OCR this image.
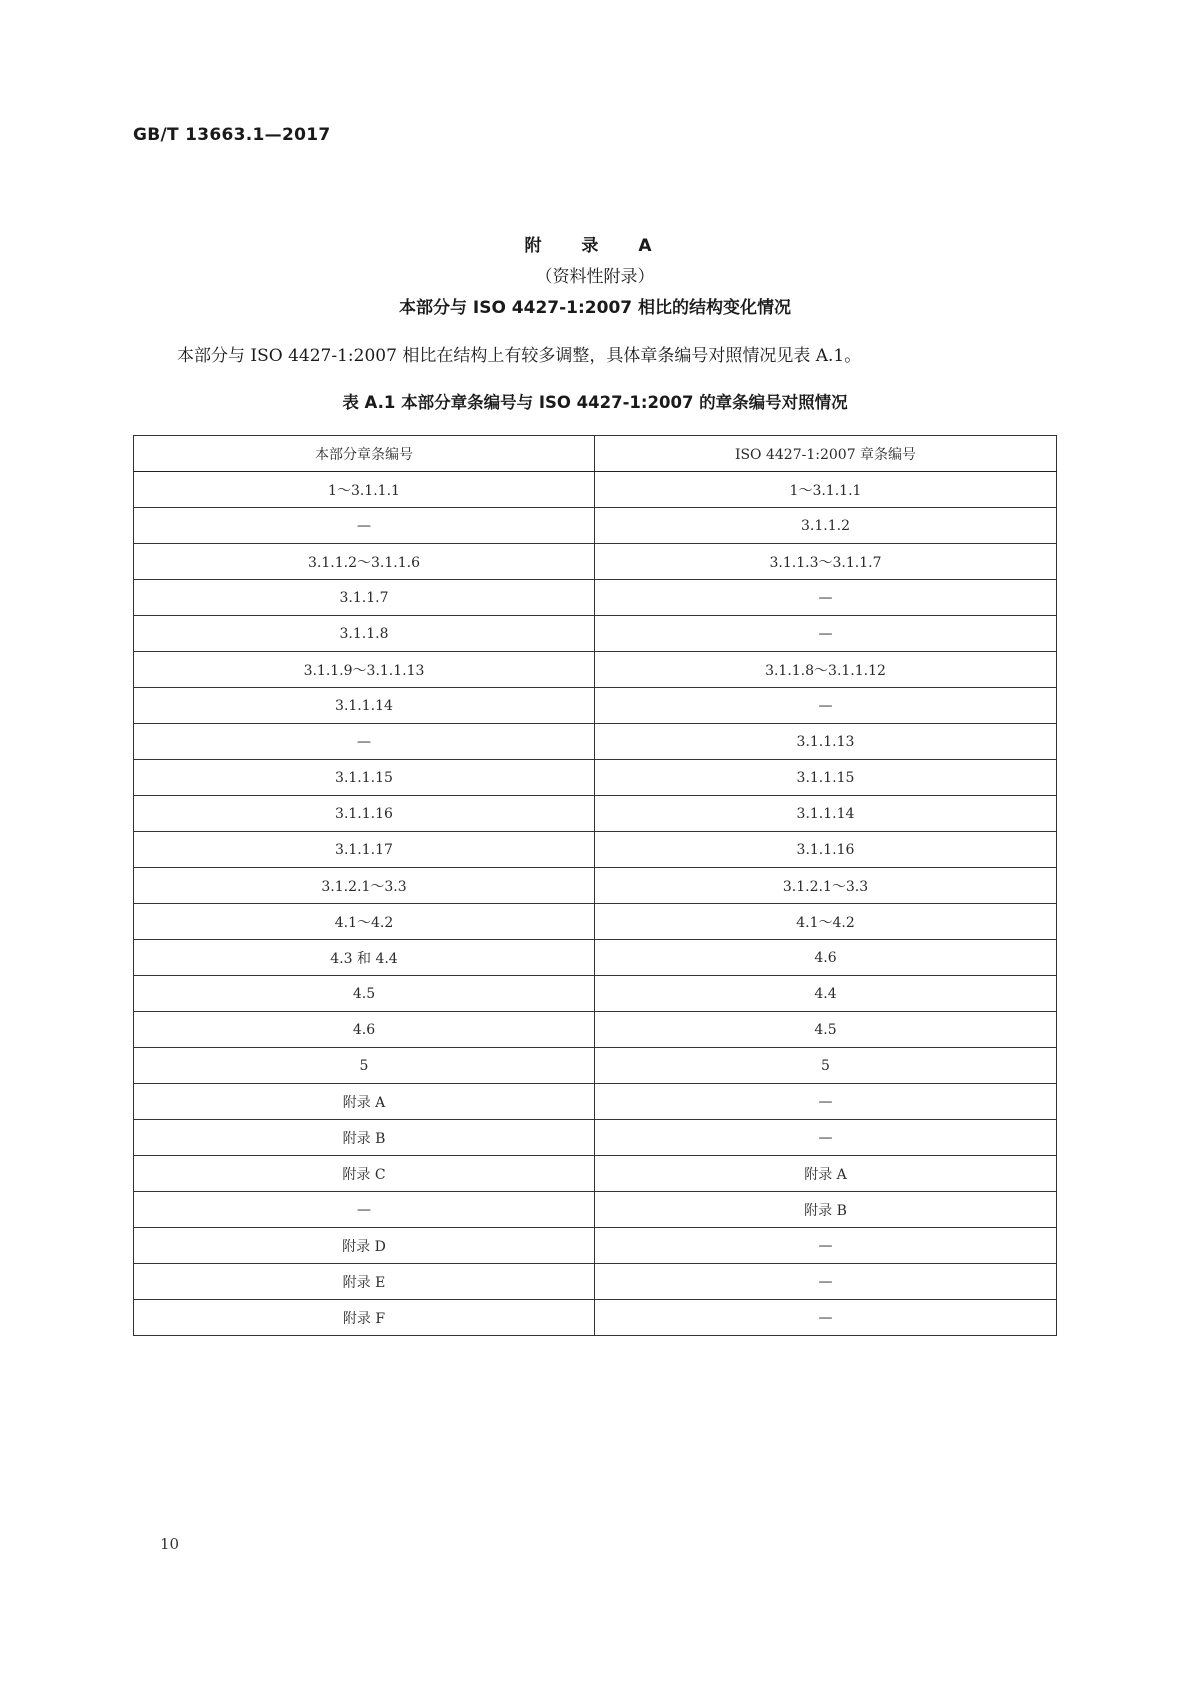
GB/T 13663.1—2017
附 录 A
（资料性附录）
本部分与 ISO 4427-1:2007 相比的结构变化情况
本部分与 ISO 4427-1:2007 相比在结构上有较多调整，具体章条编号对照情况见表 A.1。
表 A.1 本部分章条编号与 ISO 4427-1:2007 的章条编号对照情况
本部分章条编号	ISO 4427-1:2007 章条编号
1～3.1.1.1	1～3.1.1.1
—	3.1.1.2
3.1.1.2～3.1.1.6	3.1.1.3～3.1.1.7
3.1.1.7	—
3.1.1.8	—
3.1.1.9～3.1.1.13	3.1.1.8～3.1.1.12
3.1.1.14	—
—	3.1.1.13
3.1.1.15	3.1.1.15
3.1.1.16	3.1.1.14
3.1.1.17	3.1.1.16
3.1.2.1～3.3	3.1.2.1～3.3
4.1～4.2	4.1～4.2
4.3 和 4.4	4.6
4.5	4.4
4.6	4.5
5	5
附录 A	—
附录 B	—
附录 C	附录 A
—	附录 B
附录 D	—
附录 E	—
附录 F	—
10
